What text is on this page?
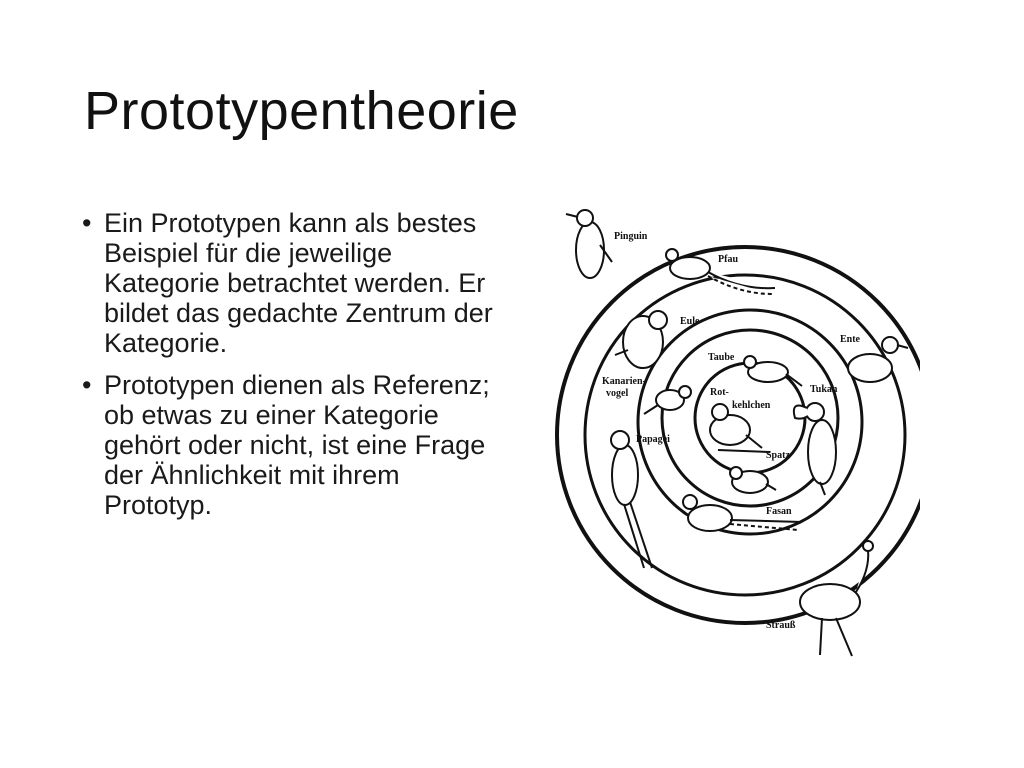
Prototypentheorie
• Ein Prototypen kann als bestes Beispiel für die jeweilige Kategorie betrachtet werden. Er bildet das gedachte Zentrum der Kategorie.
• Prototypen dienen als Referenz; ob etwas zu einer Kategorie gehört oder nicht, ist eine Frage der Ähnlichkeit mit ihrem Prototyp.
Pinguin
Pfau
Eule
Ente
Taube
Kanarien-
vogel	Rot-
kehlchen
Tukan
Papagei
Spatz
Fasan
Strauß
